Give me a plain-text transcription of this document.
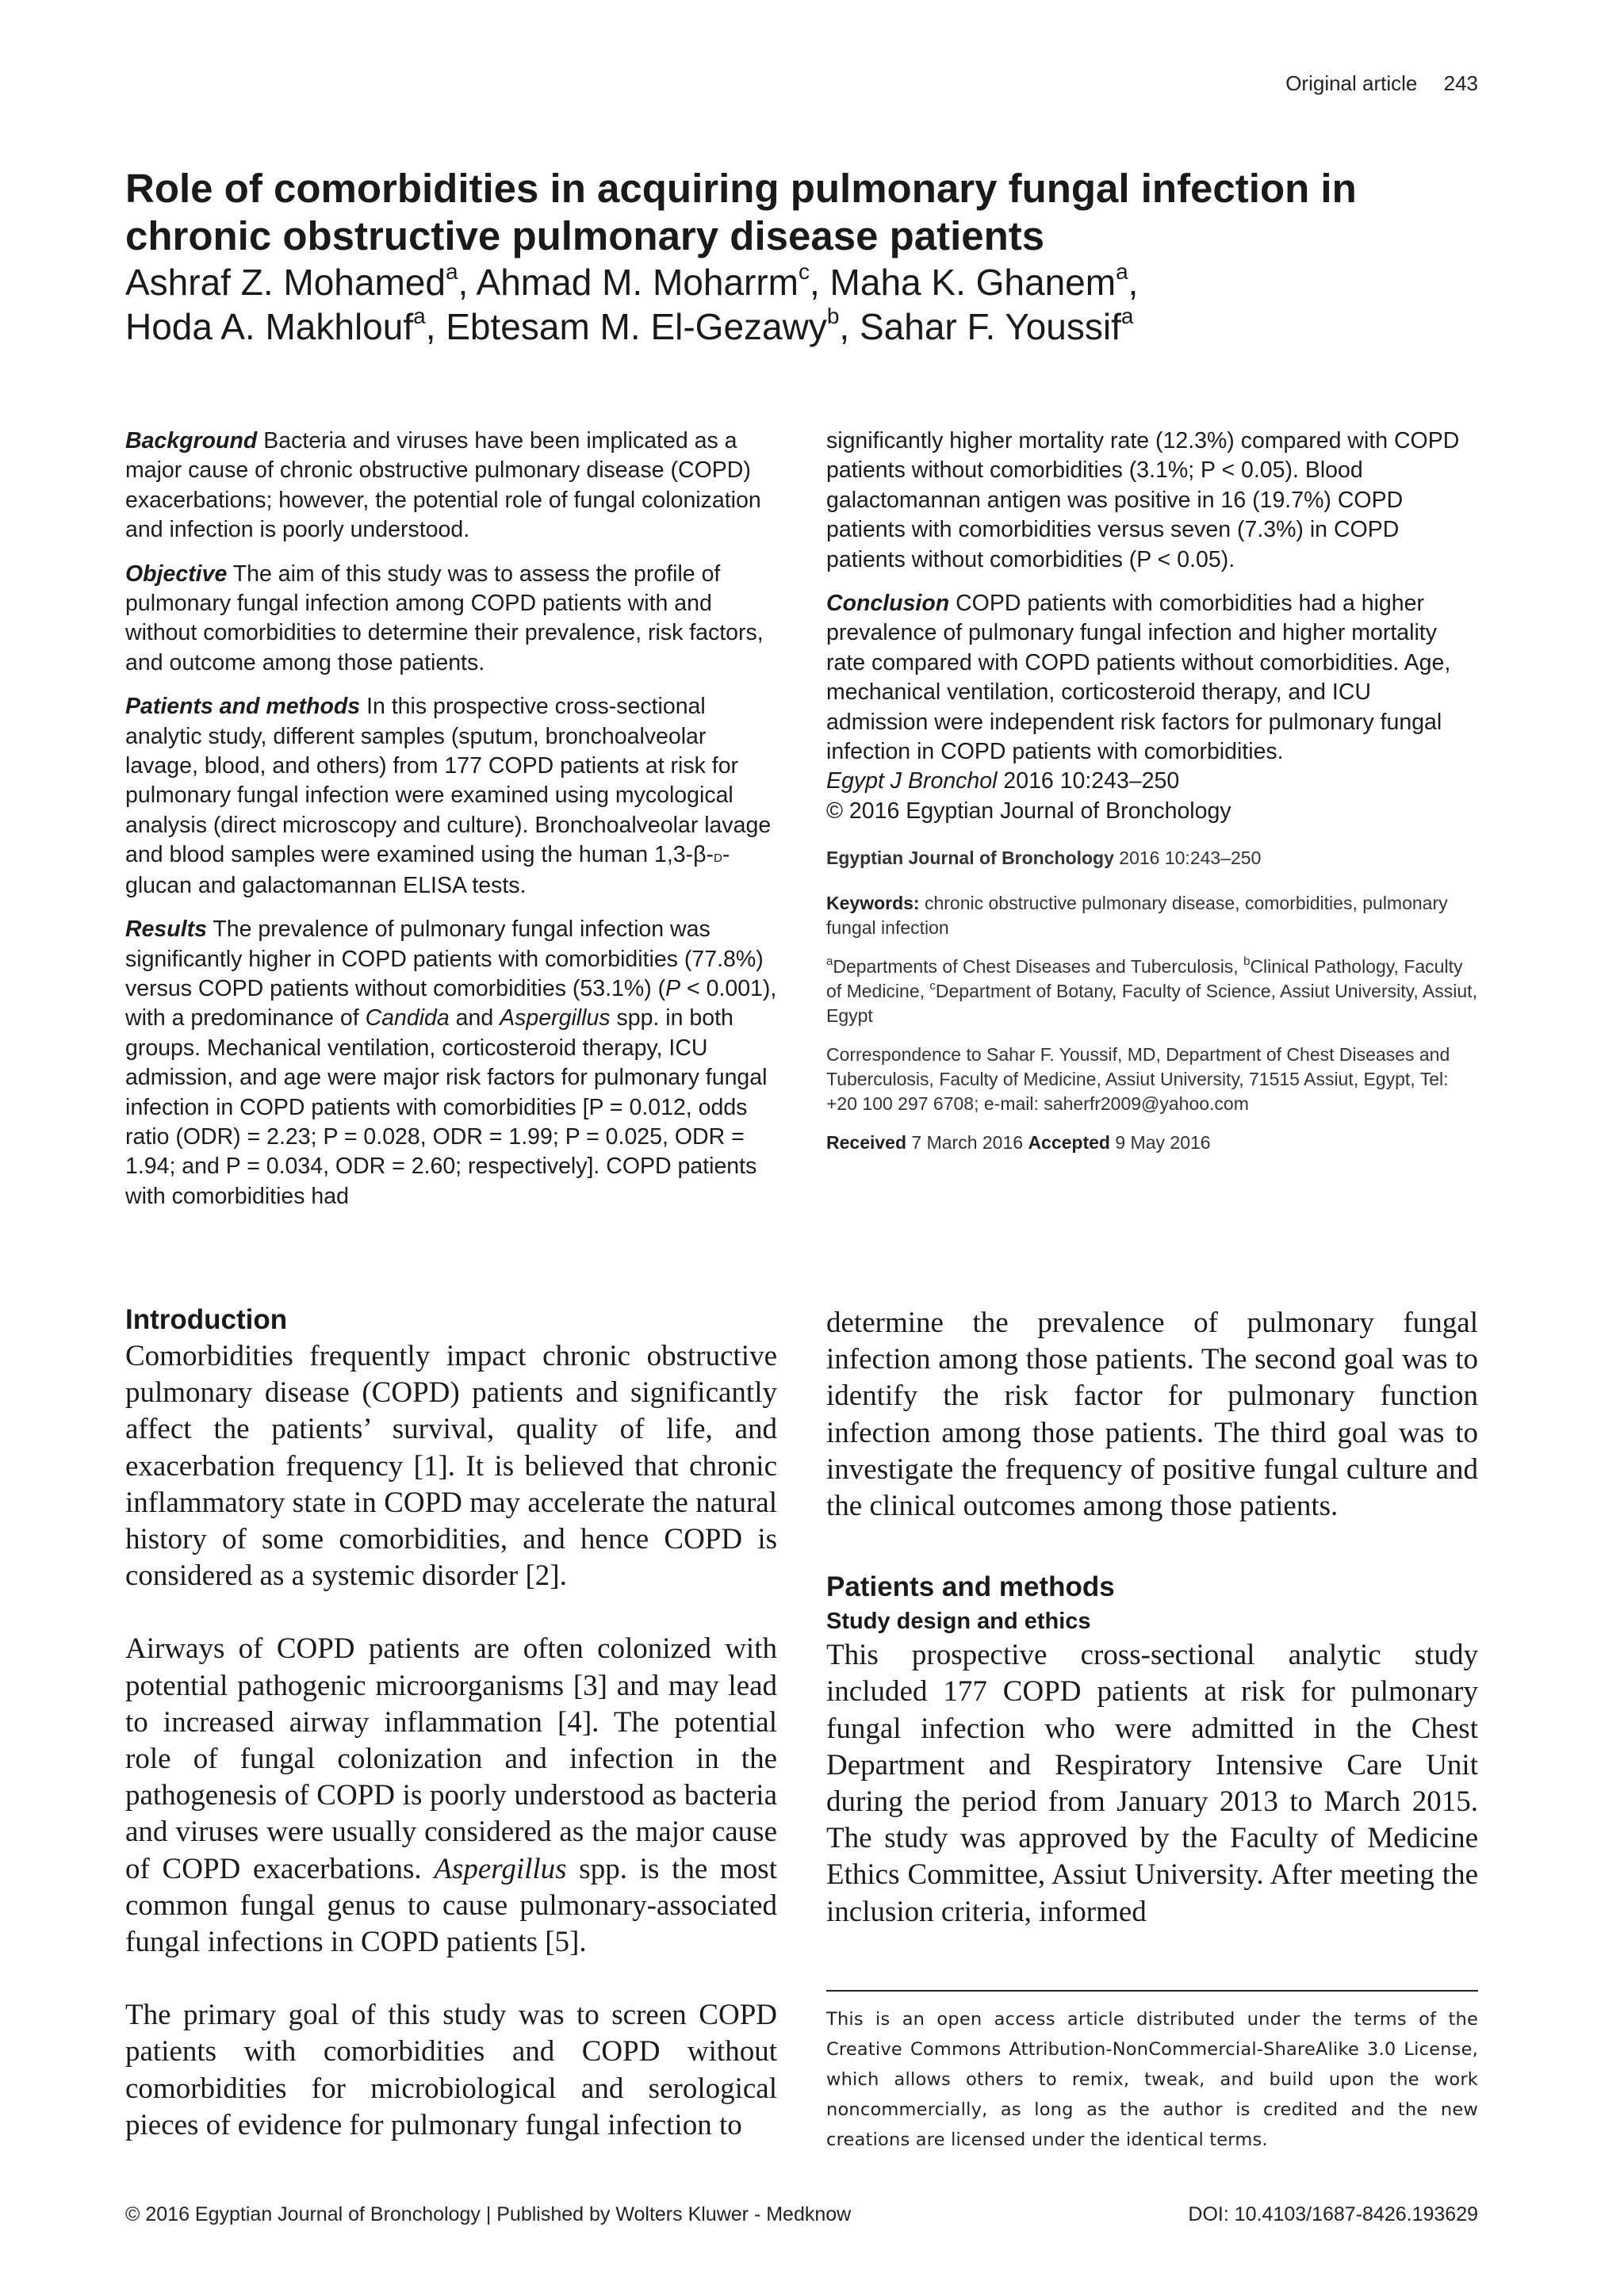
Original article 243
Role of comorbidities in acquiring pulmonary fungal infection in chronic obstructive pulmonary disease patients
Ashraf Z. Mohamed$^a$, Ahmad M. Moharrm$^c$, Maha K. Ghanem$^a$,
Hoda A. Makhlouf$^a$, Ebtesam M. El-Gezawy$^b$, Sahar F. Youssif$^a$

Background Bacteria and viruses have been implicated as a major cause of chronic obstructive pulmonary disease (COPD) exacerbations; however, the potential role of fungal colonization and infection is poorly understood.

Objective The aim of this study was to assess the profile of pulmonary fungal infection among COPD patients with and without comorbidities to determine their prevalence, risk factors, and outcome among those patients.

Patients and methods In this prospective cross-sectional analytic study, different samples (sputum, bronchoalveolar lavage, blood, and others) from 177 COPD patients at risk for pulmonary fungal infection were examined using mycological analysis (direct microscopy and culture). Bronchoalveolar lavage and blood samples were examined using the human 1,3-β-d-glucan and galactomannan ELISA tests.

Results The prevalence of pulmonary fungal infection was significantly higher in COPD patients with comorbidities (77.8%) versus COPD patients without comorbidities (53.1%) (P < 0.001), with a predominance of Candida and Aspergillus spp. in both groups. Mechanical ventilation, corticosteroid therapy, ICU admission, and age were major risk factors for pulmonary fungal infection in COPD patients with comorbidities [P = 0.012, odds ratio (ODR) = 2.23; P = 0.028, ODR = 1.99; P = 0.025, ODR = 1.94; and P = 0.034, ODR = 2.60; respectively]. COPD patients with comorbidities had

significantly higher mortality rate (12.3%) compared with COPD patients without comorbidities (3.1%; P < 0.05). Blood galactomannan antigen was positive in 16 (19.7%) COPD patients with comorbidities versus seven (7.3%) in COPD patients without comorbidities (P < 0.05).

Conclusion COPD patients with comorbidities had a higher prevalence of pulmonary fungal infection and higher mortality rate compared with COPD patients without comorbidities. Age, mechanical ventilation, corticosteroid therapy, and ICU admission were independent risk factors for pulmonary fungal infection in COPD patients with comorbidities.

Egypt J Bronchol 2016 10:243–250
© 2016 Egyptian Journal of Bronchology
Egyptian Journal of Bronchology 2016 10:243–250
Keywords: chronic obstructive pulmonary disease, comorbidities, pulmonary fungal infection
$^a$Departments of Chest Diseases and Tuberculosis, $^b$Clinical Pathology, Faculty of Medicine, $^c$Department of Botany, Faculty of Science, Assiut University, Assiut, Egypt
Correspondence to Sahar F. Youssif, MD, Department of Chest Diseases and Tuberculosis, Faculty of Medicine, Assiut University, 71515 Assiut, Egypt, Tel: +20 100 297 6708; e-mail: saherfr2009@yahoo.com
Received 7 March 2016 Accepted 9 May 2016
Introduction

Comorbidities frequently impact chronic obstructive pulmonary disease (COPD) patients and significantly affect the patients’ survival, quality of life, and exacerbation frequency [1]. It is believed that chronic inflammatory state in COPD may accelerate the natural history of some comorbidities, and hence COPD is considered as a systemic disorder [2].

Airways of COPD patients are often colonized with potential pathogenic microorganisms [3] and may lead to increased airway inflammation [4]. The potential role of fungal colonization and infection in the pathogenesis of COPD is poorly understood as bacteria and viruses were usually considered as the major cause of COPD exacerbations. Aspergillus spp. is the most common fungal genus to cause pulmonary-associated fungal infections in COPD patients [5].

The primary goal of this study was to screen COPD patients with comorbidities and COPD without comorbidities for microbiological and serological pieces of evidence for pulmonary fungal infection to

determine the prevalence of pulmonary fungal infection among those patients. The second goal was to identify the risk factor for pulmonary function infection among those patients. The third goal was to investigate the frequency of positive fungal culture and the clinical outcomes among those patients.

Patients and methods
Study design and ethics

This prospective cross-sectional analytic study included 177 COPD patients at risk for pulmonary fungal infection who were admitted in the Chest Department and Respiratory Intensive Care Unit during the period from January 2013 to March 2015. The study was approved by the Faculty of Medicine Ethics Committee, Assiut University. After meeting the inclusion criteria, informed

This is an open access article distributed under the terms of the Creative Commons Attribution-NonCommercial-ShareAlike 3.0 License, which allows others to remix, tweak, and build upon the work noncommercially, as long as the author is credited and the new creations are licensed under the identical terms.
© 2016 Egyptian Journal of Bronchology | Published by Wolters Kluwer - Medknow	DOI: 10.4103/1687-8426.193629
